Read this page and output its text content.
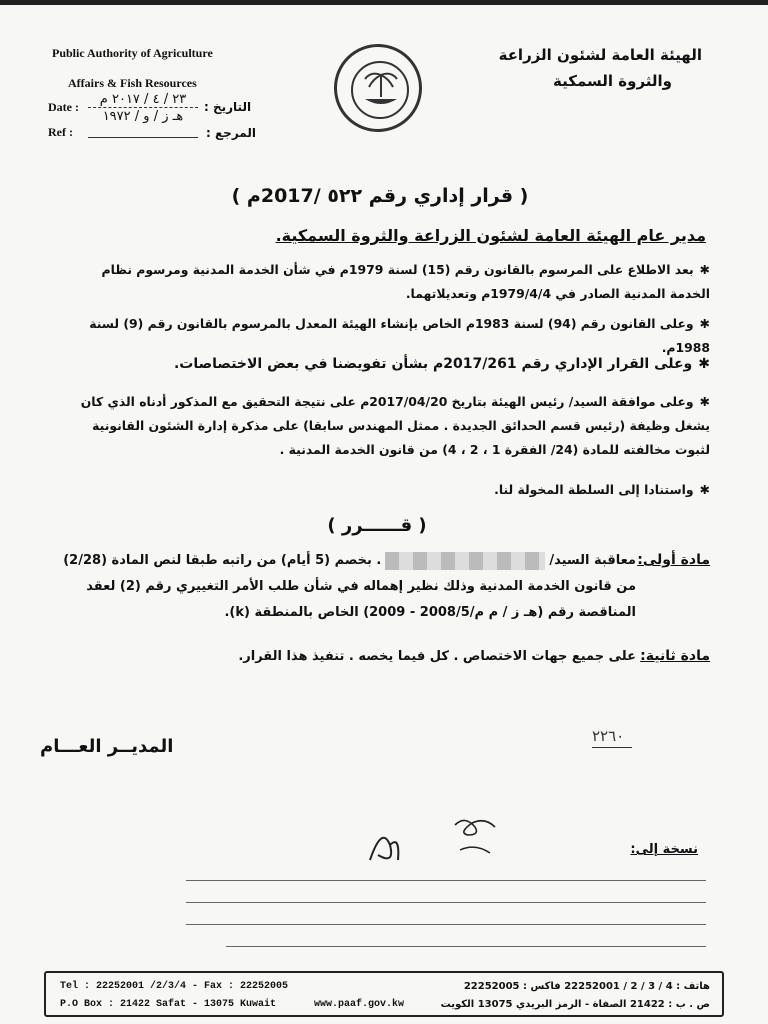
Public Authority of Agriculture
Affairs & Fish Resources
Date :
Ref :
٢٣ / ٤ / ٢٠١٧ م
هـ ز / و / ١٩٧٢
التاريخ :
المرجع :
الهيئة العامة لشئون الزراعة
والثروة السمكية
( قرار إداري رقم ٥٢٢ /2017م )
مدير عام الهيئة العامة لشئون الزراعة والثروة السمكية.
✱بعد الاطلاع على المرسوم بالقانون رقم (15) لسنة 1979م في شأن الخدمة المدنية ومرسوم نظام الخدمة المدنية الصادر في 1979/4/4م وتعديلاتهما.
✱وعلى القانون رقم (94) لسنة 1983م الخاص بإنشاء الهيئة المعدل بالمرسوم بالقانون رقم (9) لسنة 1988م.
✱وعلى القرار الإداري رقم 2017/261م بشأن تفويضنا في بعض الاختصاصات.
✱وعلى موافقة السيد/ رئيس الهيئة بتاريخ 2017/04/20م على نتيجة التحقيق مع المذكور أدناه الذي كان يشغل وظيفة (رئيس قسم الحدائق الجديدة . ممثل المهندس سابقا) على مذكرة إدارة الشئون القانونية لثبوت مخالفته للمادة (24/ الفقرة 1 ، 2 ، 4) من قانون الخدمة المدنية .
✱واستنادا إلى السلطة المخولة لنا.
( قــــــرر )
مادة أولى:
معاقبة السيد/. بخصم (5 أيام) من راتبه طبقا لنص المادة (2/28) من قانون الخدمة المدنية وذلك نظير إهماله في شأن طلب الأمر التغييري رقم (2) لعقد المناقصة رقم (هـ ز / م م/2008/5 - 2009) الخاص بالمنطقة (k).
مادة ثانية:
على جميع جهات الاختصاص . كل فيما يخصه . تنفيذ هذا القرار.
٢٢٦٠
المديــر العـــام
نسخة إلى:
Tel : 22252001 /2/3/4 - Fax : 22252005
P.O Box : 21422 Safat - 13075 Kuwait	www.paaf.gov.kw
هاتف : 4 / 3 / 2 / 22252001 فاكس : 22252005
ص . ب : 21422 الصفاة - الرمز البريدي 13075 الكويت
